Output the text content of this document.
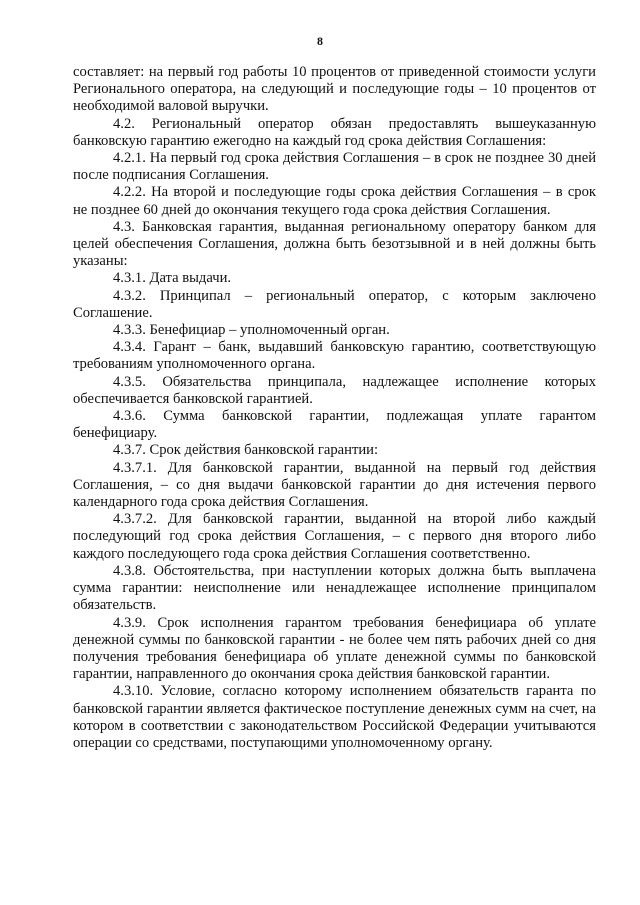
8

составляет: на первый год работы 10 процентов от приведенной стоимости услуги Регионального оператора, на следующий и последующие годы – 10 процентов от необходимой валовой выручки.

4.2. Региональный оператор обязан предоставлять вышеуказанную банковскую гарантию ежегодно на каждый год срока действия Соглашения:

4.2.1. На первый год срока действия Соглашения – в срок не позднее 30 дней после подписания Соглашения.

4.2.2. На второй и последующие годы срока действия Соглашения – в срок не позднее 60 дней до окончания текущего года срока действия Соглашения.

4.3. Банковская гарантия, выданная региональному оператору банком для целей обеспечения Соглашения, должна быть безотзывной и в ней должны быть указаны:

4.3.1. Дата выдачи.

4.3.2. Принципал – региональный оператор, с которым заключено Соглашение.

4.3.3. Бенефициар – уполномоченный орган.

4.3.4. Гарант – банк, выдавший банковскую гарантию, соответствующую требованиям уполномоченного органа.

4.3.5. Обязательства принципала, надлежащее исполнение которых обеспечивается банковской гарантией.

4.3.6. Сумма банковской гарантии, подлежащая уплате гарантом бенефициару.

4.3.7. Срок действия банковской гарантии:

4.3.7.1. Для банковской гарантии, выданной на первый год действия Соглашения, – со дня выдачи банковской гарантии до дня истечения первого календарного года срока действия Соглашения.

4.3.7.2. Для банковской гарантии, выданной на второй либо каждый последующий год срока действия Соглашения, – с первого дня второго либо каждого последующего года срока действия Соглашения соответственно.

4.3.8. Обстоятельства, при наступлении которых должна быть выплачена сумма гарантии: неисполнение или ненадлежащее исполнение принципалом обязательств.

4.3.9. Срок исполнения гарантом требования бенефициара об уплате денежной суммы по банковской гарантии - не более чем пять рабочих дней со дня получения требования бенефициара об уплате денежной суммы по банковской гарантии, направленного до окончания срока действия банковской гарантии.

4.3.10. Условие, согласно которому исполнением обязательств гаранта по банковской гарантии является фактическое поступление денежных сумм на счет, на котором в соответствии с законодательством Российской Федерации учитываются операции со средствами, поступающими уполномоченному органу.
